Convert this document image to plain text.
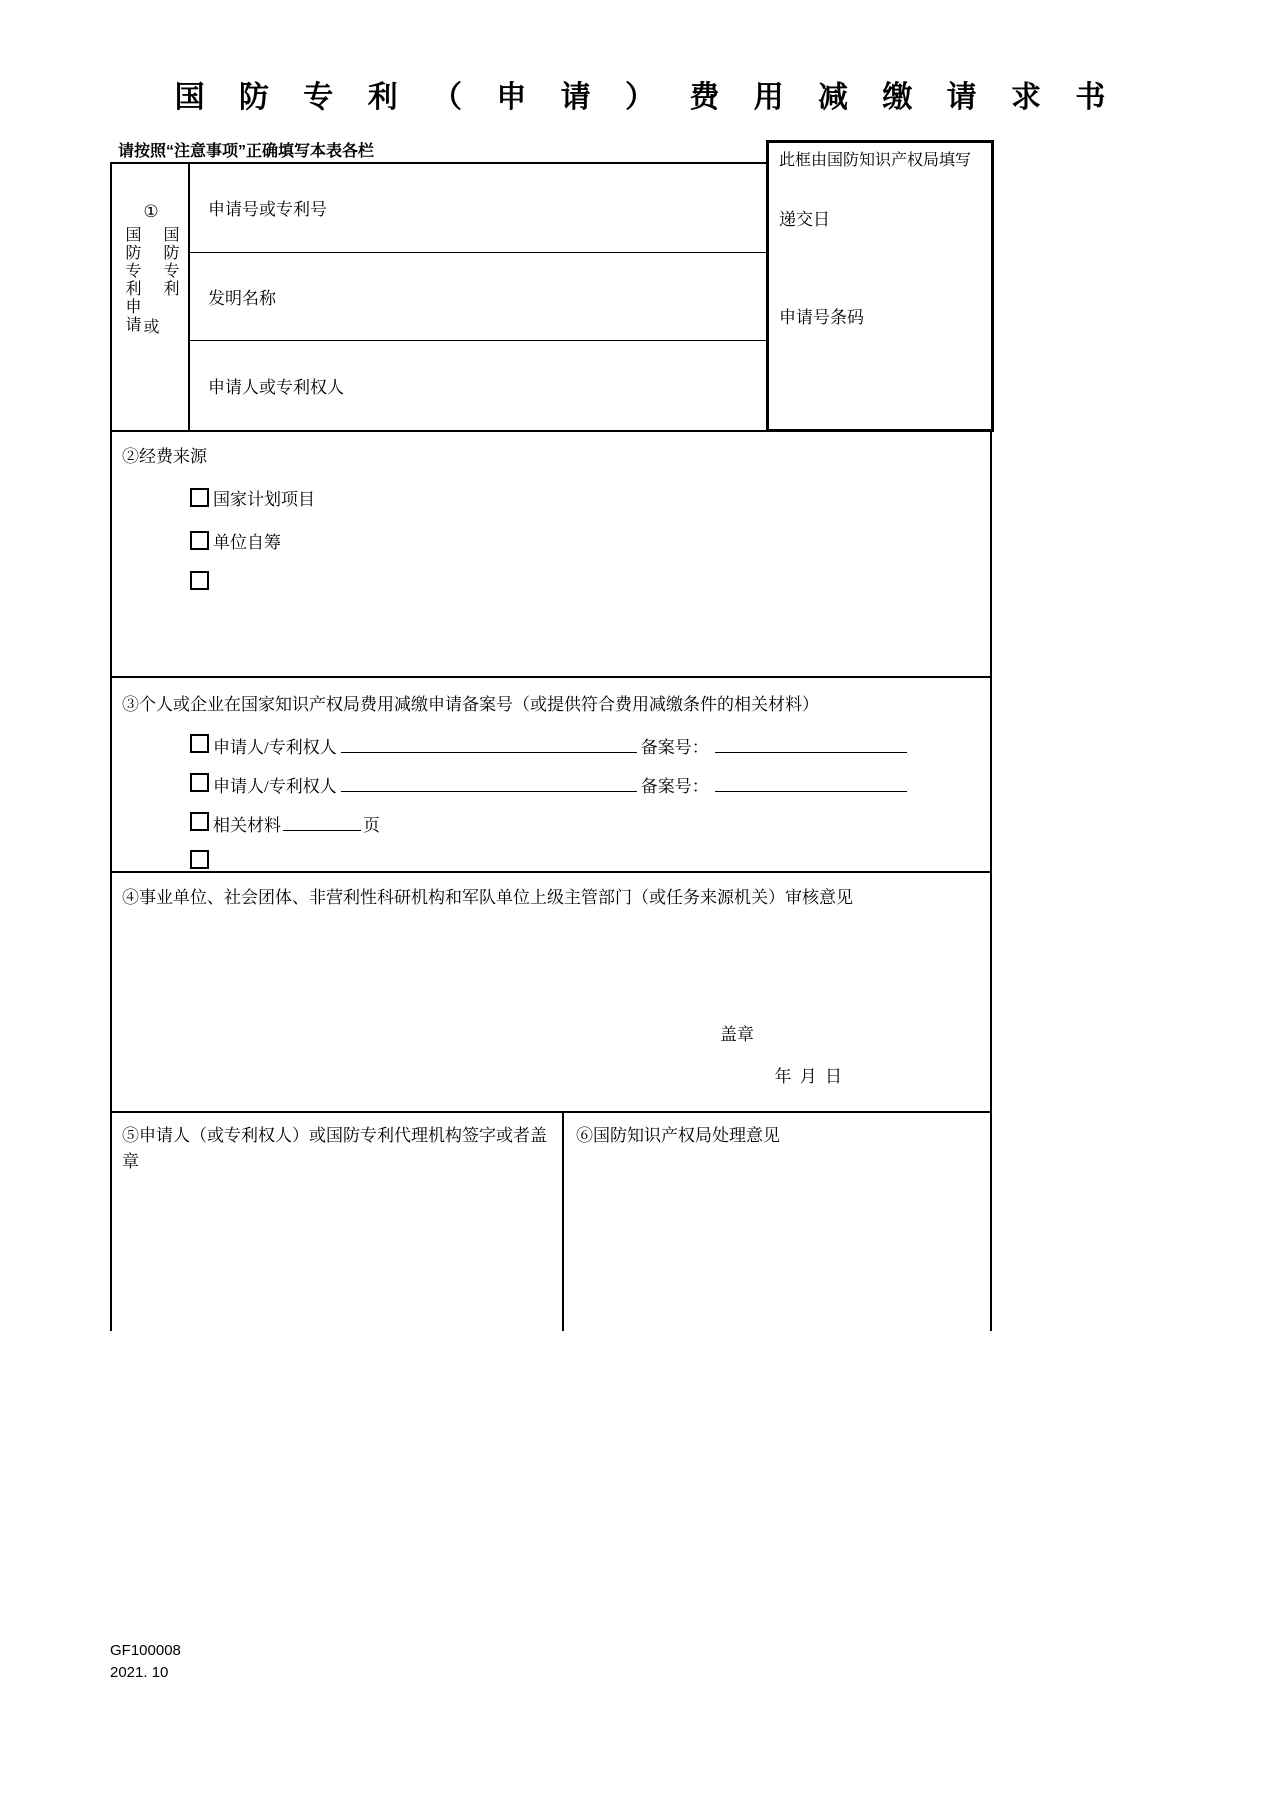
国 防 专 利 （ 申 请 ） 费 用 减 缴 请 求 书
请按照“注意事项”正确填写本表各栏
①
国防专利申请 国防专利
或
申请号或专利号
发明名称
申请人或专利权人
此框由国防知识产权局填写
递交日
申请号条码
②经费来源
国家计划项目
单位自筹
③个人或企业在国家知识产权局费用减缴申请备案号（或提供符合费用减缴条件的相关材料）
申请人/专利权人	备案号：
申请人/专利权人	备案号：
相关材料	页
④事业单位、社会团体、非营利性科研机构和军队单位上级主管部门（或任务来源机关）审核意见
盖章
年 月 日
⑤申请人（或专利权人）或国防专利代理机构签字或者盖章
⑥国防知识产权局处理意见
GF100008
2021. 10
